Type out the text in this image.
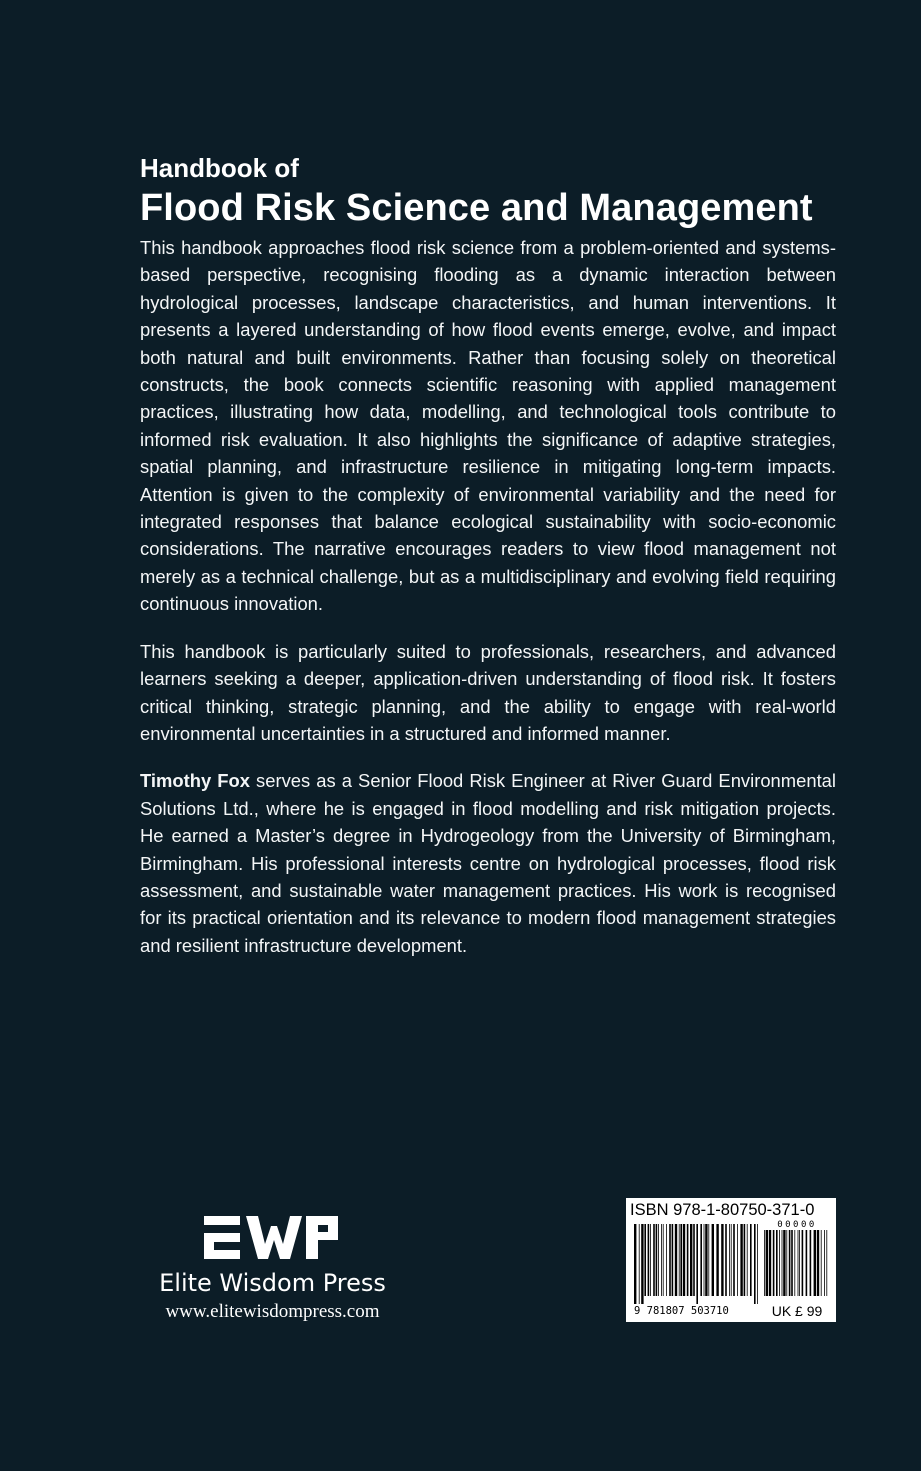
Handbook of
Flood Risk Science and Management

This handbook approaches flood risk science from a problem-oriented and systems-based perspective, recognising flooding as a dynamic interaction between hydrological processes, landscape characteristics, and human interventions. It presents a layered understanding of how flood events emerge, evolve, and impact both natural and built environments. Rather than focusing solely on theoretical constructs, the book connects scientific reasoning with applied management practices, illustrating how data, modelling, and technological tools contribute to informed risk evaluation. It also highlights the significance of adaptive strategies, spatial planning, and infrastructure resilience in mitigating long-term impacts. Attention is given to the complexity of environmental variability and the need for integrated responses that balance ecological sustainability with socio-economic considerations. The narrative encourages readers to view flood management not merely as a technical challenge, but as a multidisciplinary and evolving field requiring continuous innovation.

This handbook is particularly suited to professionals, researchers, and advanced learners seeking a deeper, application-driven understanding of flood risk. It fosters critical thinking, strategic planning, and the ability to engage with real-world environmental uncertainties in a structured and informed manner.

Timothy Fox serves as a Senior Flood Risk Engineer at River Guard Environmental Solutions Ltd., where he is engaged in flood modelling and risk mitigation projects. He earned a Master’s degree in Hydrogeology from the University of Birmingham, Birmingham. His professional interests centre on hydrological processes, flood risk assessment, and sustainable water management practices. His work is recognised for its practical orientation and its relevance to modern flood management strategies and resilient infrastructure development.

Elite Wisdom Press
www.elitewisdompress.com
ISBN 978-1-80750-371-0
00000
9 781807 503710	UK £ 99
